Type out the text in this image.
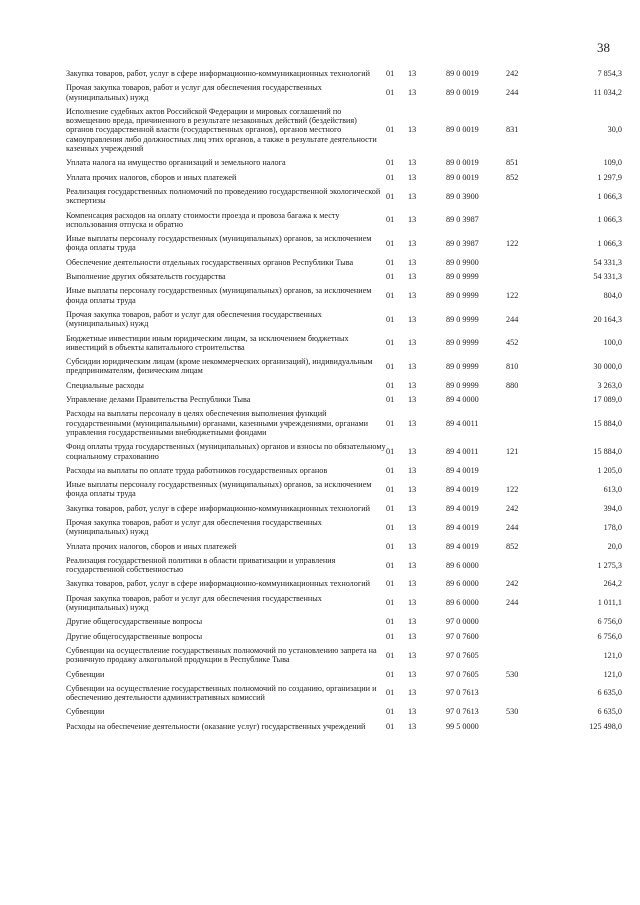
38
Закупка товаров, работ, услуг в сфере информационно-коммуникационных технологий	01	13	89 0 0019	242	7 854,3
Прочая закупка товаров, работ и услуг для обеспечения государственных (муниципальных) нужд	01	13	89 0 0019	244	11 034,2
Исполнение судебных актов Российской Федерации и мировых соглашений по возмещению вреда, причиненного в результате незаконных действий (бездействия) органов государственной власти (государственных органов), органов местного самоуправления либо должностных лиц этих органов, а также в результате деятельности казенных учреждений	01	13	89 0 0019	831	30,0
Уплата налога на имущество организаций и земельного налога	01	13	89 0 0019	851	109,0
Уплата прочих налогов, сборов и иных платежей	01	13	89 0 0019	852	1 297,9
Реализация государственных полномочий по проведению государственной экологической экспертизы	01	13	89 0 3900		1 066,3
Компенсация расходов на оплату стоимости проезда и провоза багажа к месту использования отпуска и обратно	01	13	89 0 3987		1 066,3
Иные выплаты персоналу государственных (муниципальных) органов, за исключением фонда оплаты труда	01	13	89 0 3987	122	1 066,3
Обеспечение деятельности отдельных государственных органов Республики Тыва	01	13	89 0 9900		54 331,3
Выполнение других обязательств государства	01	13	89 0 9999		54 331,3
Иные выплаты персоналу государственных (муниципальных) органов, за исключением фонда оплаты труда	01	13	89 0 9999	122	804,0
Прочая закупка товаров, работ и услуг для обеспечения государственных (муниципальных) нужд	01	13	89 0 9999	244	20 164,3
Бюджетные инвестиции иным юридическим лицам, за исключением бюджетных инвестиций в объекты капитального строительства	01	13	89 0 9999	452	100,0
Субсидии юридическим лицам (кроме некоммерческих организаций), индивидуальным предпринимателям, физическим лицам	01	13	89 0 9999	810	30 000,0
Специальные расходы	01	13	89 0 9999	880	3 263,0
Управление делами Правительства Республики Тыва	01	13	89 4 0000		17 089,0
Расходы на выплаты персоналу в целях обеспечения выполнения функций государственными (муниципальными) органами, казенными учреждениями, органами управления государственными внебюджетными фондами	01	13	89 4 0011		15 884,0
Фонд оплаты труда государственных (муниципальных) органов и взносы по обязательному социальному страхованию	01	13	89 4 0011	121	15 884,0
Расходы на выплаты по оплате труда работников государственных органов	01	13	89 4 0019		1 205,0
Иные выплаты персоналу государственных (муниципальных) органов, за исключением фонда оплаты труда	01	13	89 4 0019	122	613,0
Закупка товаров, работ, услуг в сфере информационно-коммуникационных технологий	01	13	89 4 0019	242	394,0
Прочая закупка товаров, работ и услуг для обеспечения государственных (муниципальных) нужд	01	13	89 4 0019	244	178,0
Уплата прочих налогов, сборов и иных платежей	01	13	89 4 0019	852	20,0
Реализация государственной политики в области приватизации и управления государственной собственностью	01	13	89 6 0000		1 275,3
Закупка товаров, работ, услуг в сфере информационно-коммуникационных технологий	01	13	89 6 0000	242	264,2
Прочая закупка товаров, работ и услуг для обеспечения государственных (муниципальных) нужд	01	13	89 6 0000	244	1 011,1
Другие общегосударственные вопросы	01	13	97 0 0000		6 756,0
Другие общегосударственные вопросы	01	13	97 0 7600		6 756,0
Субвенции на осуществление государственных полномочий по установлению запрета на розничную продажу алкогольной продукции в Республике Тыва	01	13	97 0 7605		121,0
Субвенции	01	13	97 0 7605	530	121,0
Субвенции на осуществление государственных полномочий по созданию, организации и обеспечению деятельности административных комиссий	01	13	97 0 7613		6 635,0
Субвенции	01	13	97 0 7613	530	6 635,0
Расходы на обеспечение деятельности (оказание услуг) государственных учреждений	01	13	99 5 0000		125 498,0
